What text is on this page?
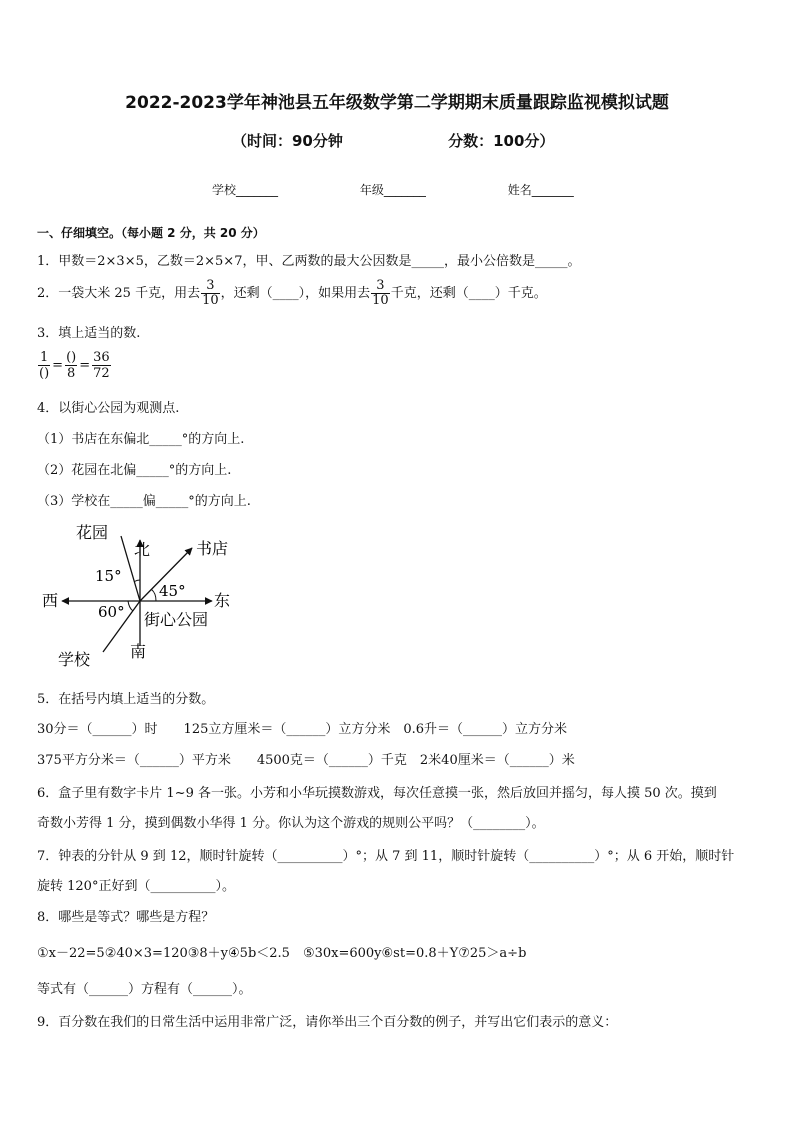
2022-2023学年神池县五年级数学第二学期期末质量跟踪监视模拟试题
（时间：90分钟	分数：100分）
学校_______	年级_______	姓名_______
一、仔细填空。（每小题 2 分，共 20 分）
1．甲数＝2×3×5，乙数＝2×5×7，甲、乙两数的最大公因数是_____，最小公倍数是_____。
2．一袋大米 25 千克，用去 $\frac{3}{10}$ ，还剩（____），如果用去 $\frac{3}{10}$ 千克，还剩（____）千克。
3．填上适当的数.
$\frac{1}{()} = \frac{()}{8} = \frac{36}{72}$
4．以街心公园为观测点.
（1）书店在东偏北_____°的方向上.
（2）花园在北偏_____°的方向上.
（3）学校在_____偏_____°的方向上.
花园
北	书店
15°
45°
西	东
60° 街心公园
学校 南
5．在括号内填上适当的分数。
30分＝（______）时　　125立方厘米＝（______）立方分米　0.6升＝（______）立方分米
375平方分米＝（______）平方米　　4500克＝（______）千克　2米40厘米＝（______）米
6．盒子里有数字卡片 1~9 各一张。小芳和小华玩摸数游戏，每次任意摸一张，然后放回并摇匀，每人摸 50 次。摸到
奇数小芳得 1 分，摸到偶数小华得 1 分。你认为这个游戏的规则公平吗？（________）。
7．钟表的分针从 9 到 12，顺时针旋转（__________）°；从 7 到 11，顺时针旋转（__________）°；从 6 开始，顺时针
旋转 120°正好到（__________）。
8．哪些是等式？哪些是方程？
①x－22=5②40×3=120③8＋y④5b＜2.5　⑤30x=600y⑥st=0.8＋Y⑦25＞a÷b
等式有（______）方程有（______）。
9．百分数在我们的日常生活中运用非常广泛，请你举出三个百分数的例子，并写出它们表示的意义：
